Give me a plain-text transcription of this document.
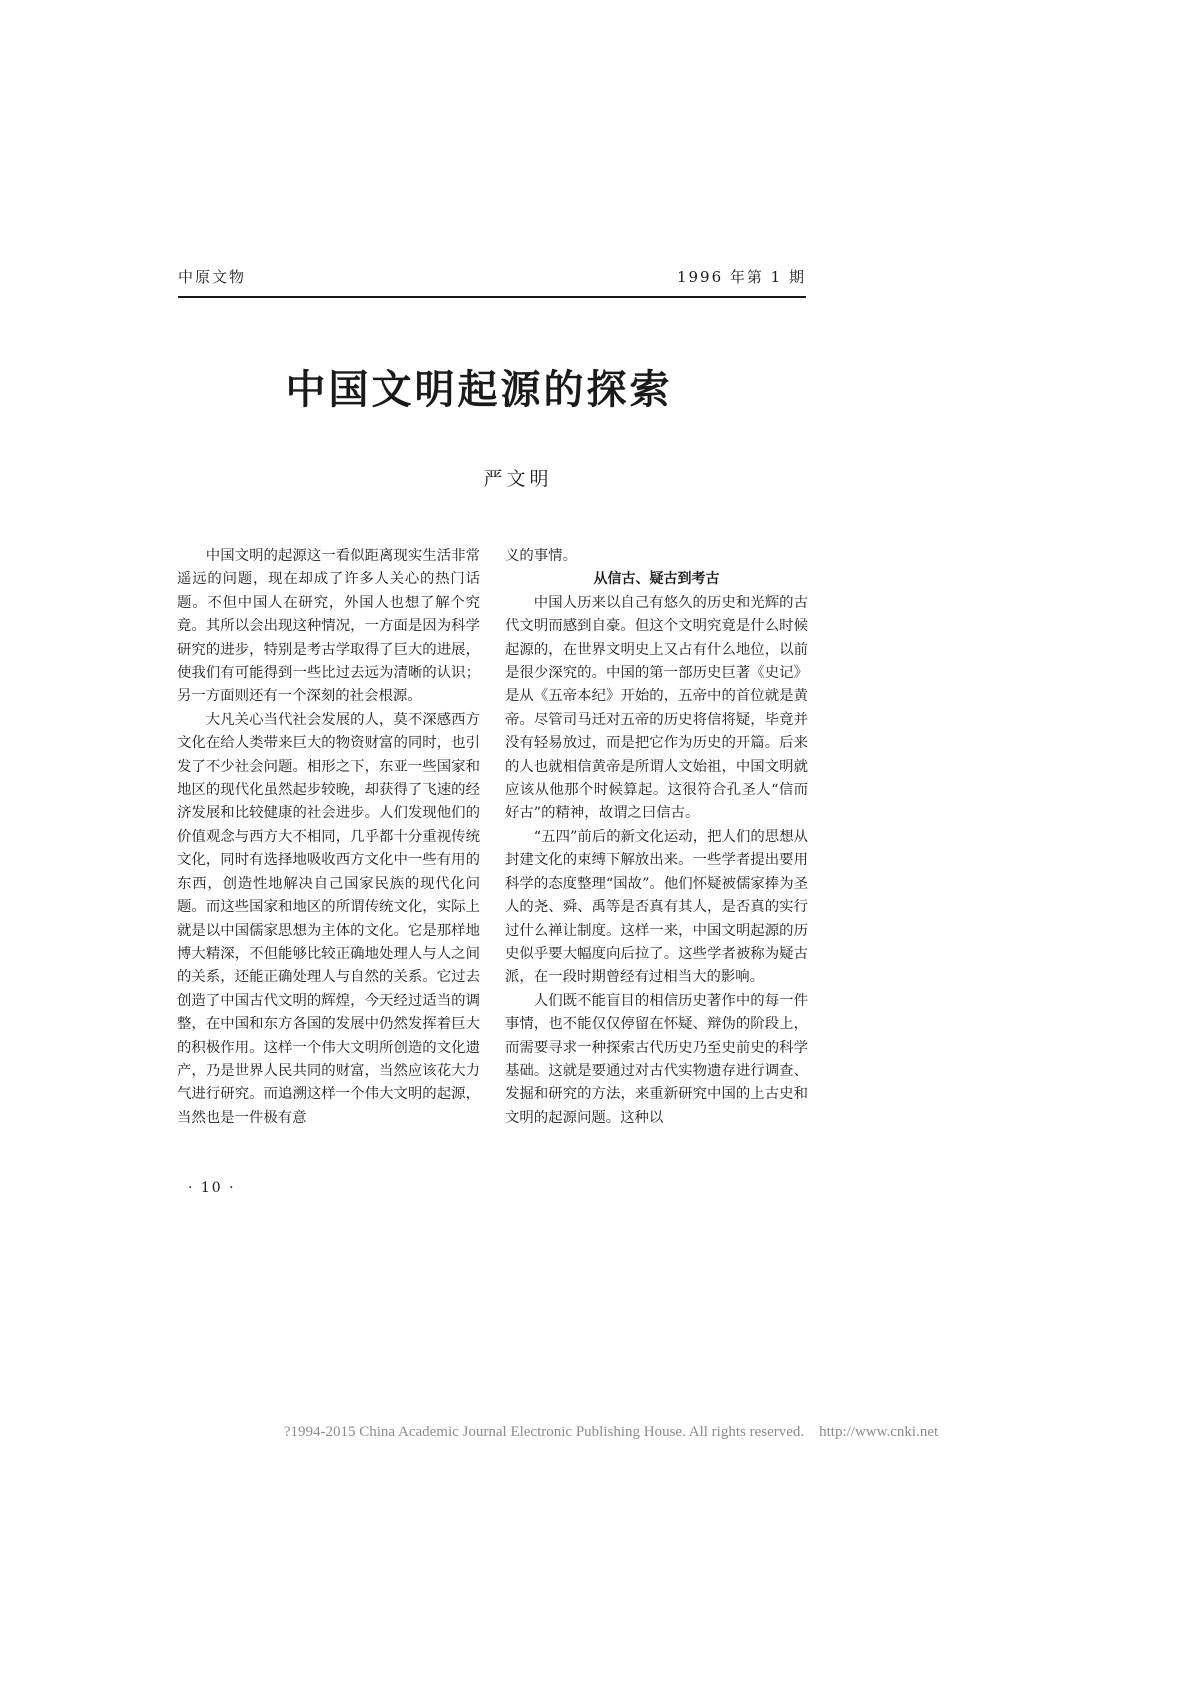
中原文物	1996 年第 1 期
中国文明起源的探索
严文明

中国文明的起源这一看似距离现实生活非常遥远的问题，现在却成了许多人关心的热门话题。不但中国人在研究，外国人也想了解个究竟。其所以会出现这种情况，一方面是因为科学研究的进步，特别是考古学取得了巨大的进展，使我们有可能得到一些比过去远为清晰的认识；另一方面则还有一个深刻的社会根源。

大凡关心当代社会发展的人，莫不深感西方文化在给人类带来巨大的物资财富的同时，也引发了不少社会问题。相形之下，东亚一些国家和地区的现代化虽然起步较晚，却获得了飞速的经济发展和比较健康的社会进步。人们发现他们的价值观念与西方大不相同，几乎都十分重视传统文化，同时有选择地吸收西方文化中一些有用的东西，创造性地解决自己国家民族的现代化问题。而这些国家和地区的所谓传统文化，实际上就是以中国儒家思想为主体的文化。它是那样地博大精深，不但能够比较正确地处理人与人之间的关系，还能正确处理人与自然的关系。它过去创造了中国古代文明的辉煌，今天经过适当的调整，在中国和东方各国的发展中仍然发挥着巨大的积极作用。这样一个伟大文明所创造的文化遗产，乃是世界人民共同的财富，当然应该花大力气进行研究。而追溯这样一个伟大文明的起源，当然也是一件极有意

义的事情。

从信古、疑古到考古

中国人历来以自己有悠久的历史和光辉的古代文明而感到自豪。但这个文明究竟是什么时候起源的，在世界文明史上又占有什么地位，以前是很少深究的。中国的第一部历史巨著《史记》是从《五帝本纪》开始的，五帝中的首位就是黄帝。尽管司马迁对五帝的历史将信将疑，毕竟并没有轻易放过，而是把它作为历史的开篇。后来的人也就相信黄帝是所谓人文始祖，中国文明就应该从他那个时候算起。这很符合孔圣人“信而好古”的精神，故谓之曰信古。

“五四”前后的新文化运动，把人们的思想从封建文化的束缚下解放出来。一些学者提出要用科学的态度整理“国故”。他们怀疑被儒家捧为圣人的尧、舜、禹等是否真有其人，是否真的实行过什么禅让制度。这样一来，中国文明起源的历史似乎要大幅度向后拉了。这些学者被称为疑古派，在一段时期曾经有过相当大的影响。

人们既不能盲目的相信历史著作中的每一件事情，也不能仅仅停留在怀疑、辩伪的阶段上，而需要寻求一种探索古代历史乃至史前史的科学基础。这就是要通过对古代实物遗存进行调查、发掘和研究的方法，来重新研究中国的上古史和文明的起源问题。这种以

· 10 ·
?1994-2015 China Academic Journal Electronic Publishing House. All rights reserved.    http://www.cnki.net
